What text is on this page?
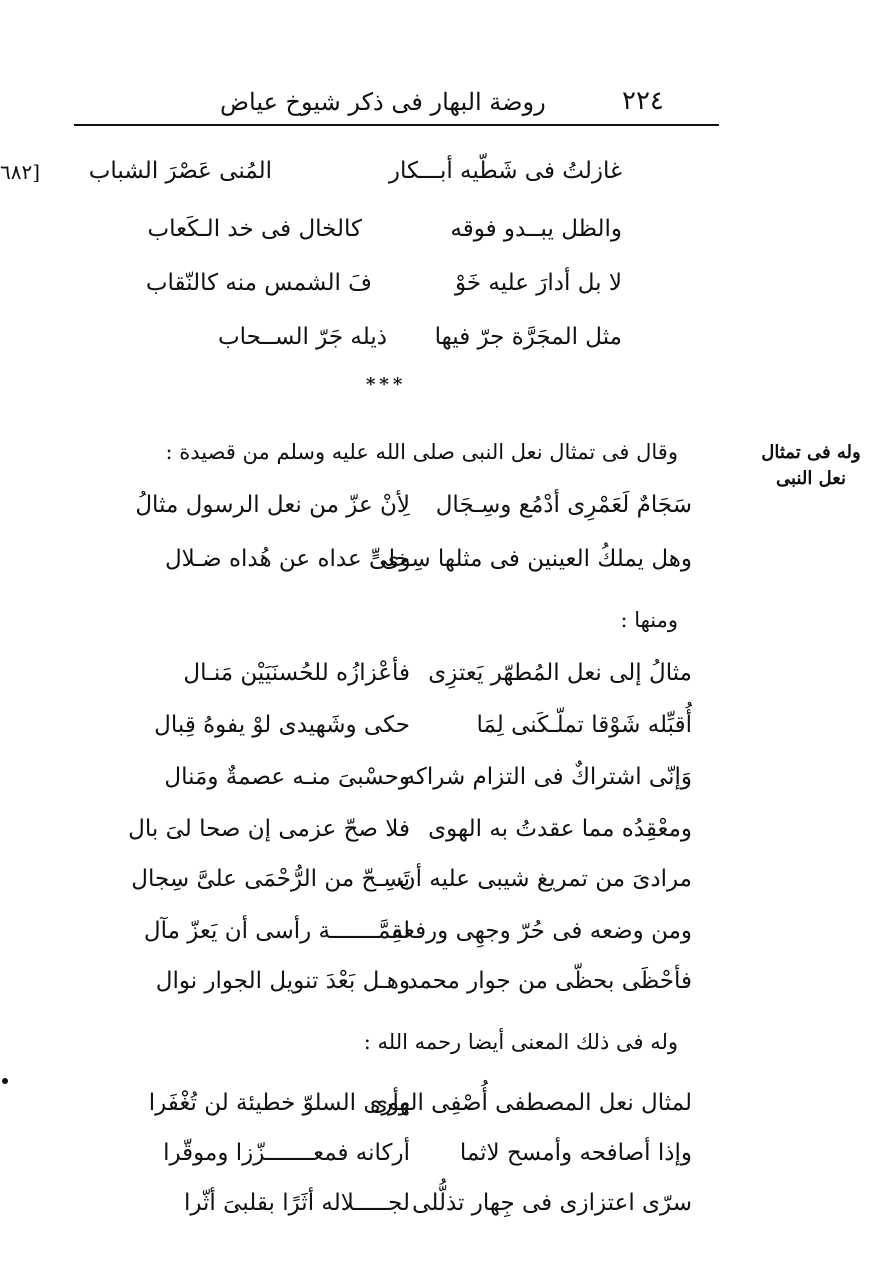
٢٢٤
روضة البهار فى ذكر شيوخ عياض
٦٨٢]	غازلتُ فى شَطّيه أبـــكار
المُنى عَصْرَ الشباب
والظل يبــدو فوقه
كالخال فى خد الـكَعاب
لا بل أدارَ عليه خَوْ
فَ الشمس منه كالنّقاب
مثل المجَرَّة جرّ فيها
ذيله جَرّ الســحاب
***
وله فى تمثال
نعل النبى
وقال فى تمثال نعل النبى صلى الله عليه وسلم من قصيدة :
سَجَامٌ لَعَمْرِى أدْمُع وسِـجَال
لِأنْ عزّ من نعل الرسول مثالُ
وهل يملكُ العينين فى مثلها سِوى
خلىٍّ عداه عن هُداه ضـلال
ومنها :
مثالُ إلى نعل المُطهّر يَعتزِى
فأعْزازُه للحُسنَيَيْن مَنـال
أُقبِّله شَوْقا تملّـكَنى لِمَا
حكى وشَهيدى لوْ يفوهُ قِبال
وَإنّى اشتراكٌ فى التزام شراكه
وحسْبىَ منـه عصمةٌ ومَنال
ومعْقِدُه مما عقدتُ به الهوى
فلا صحّ عزمى إن صحا لىَ بال
مرادىَ من تمريغ شيبى عليه أن
تَسِـحّ من الرُّحْمَى علىَّ سِجال
ومن وضعه فى حُرّ وجهِى ورفعه
لقِمَّـــــــة رأسى أن يَعزّ مآل
فأحْظَى بحظّى من جوار محمد
وهـل بَعْدَ تنويل الجوار نوال
وله فى ذلك المعنى أيضا رحمه الله :
لمثال نعل المصطفى أُصْفِى الهوى
وأرى السلوّ خطيئة لن تُغْفَرا
وإذا أصافحه وأمسح لاثما
أركانه فمعـــــــزّزا وموقّرا
سرّى اعتزازى فى جِهار تذلُّلى
لجـــــلاله أثَرًا بقلبىَ أثّرا
